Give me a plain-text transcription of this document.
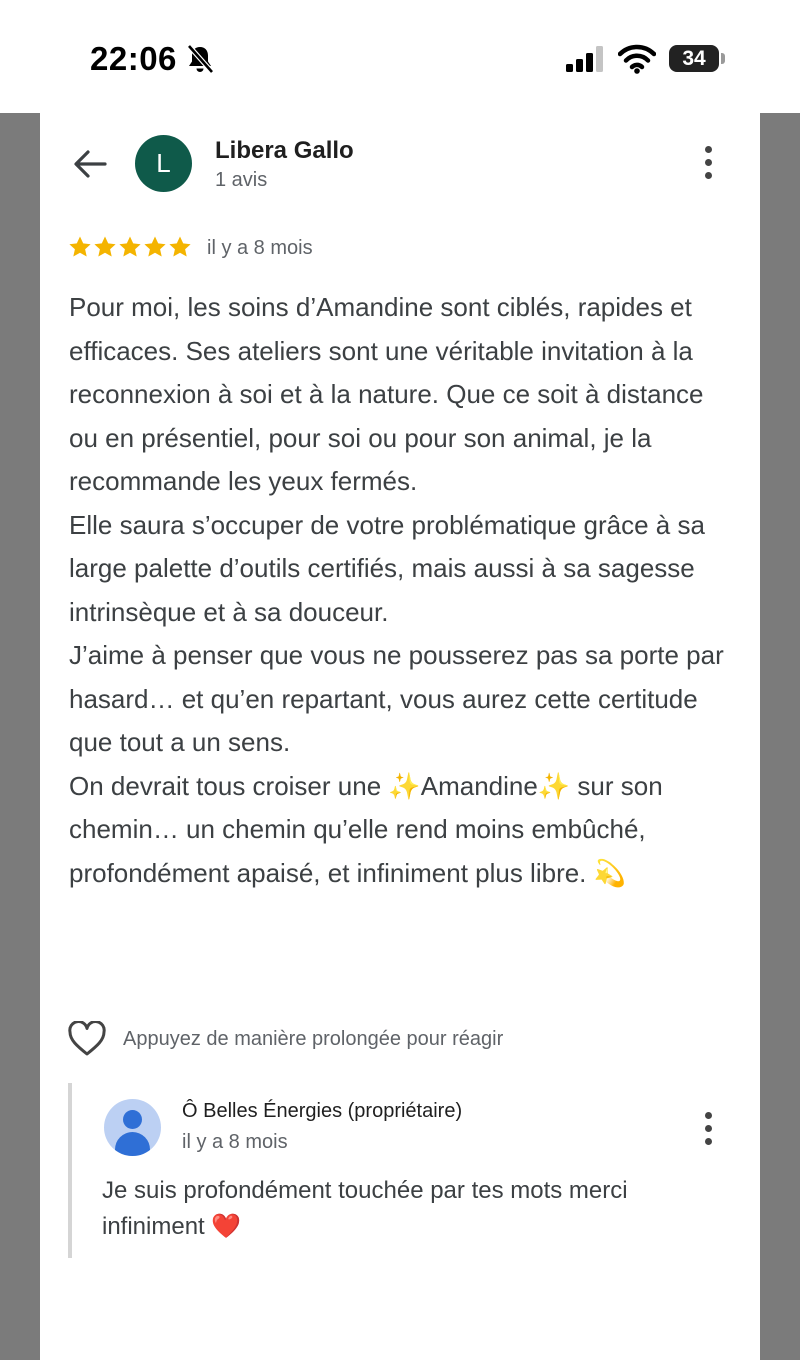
22:06	34
L	Libera Gallo
1 avis
il y a 8 mois

Pour moi, les soins d’Amandine sont ciblés, rapides et efficaces. Ses ateliers sont une véritable invitation à la reconnexion à soi et à la nature. Que ce soit à distance ou en présentiel, pour soi ou pour son animal, je la recommande les yeux fermés.

Elle saura s’occuper de votre problématique grâce à sa large palette d’outils certifiés, mais aussi à sa sagesse intrinsèque et à sa douceur.

J’aime à penser que vous ne pousserez pas sa porte par hasard… et qu’en repartant, vous aurez cette certitude que tout a un sens.

On devrait tous croiser une ✨Amandine✨ sur son chemin… un chemin qu’elle rend moins embûché, profondément apaisé, et infiniment plus libre. 💫

Appuyez de manière prolongée pour réagir
Ô Belles Énergies (propriétaire)
il y a 8 mois
Je suis profondément touchée par tes mots merci infiniment ❤️
